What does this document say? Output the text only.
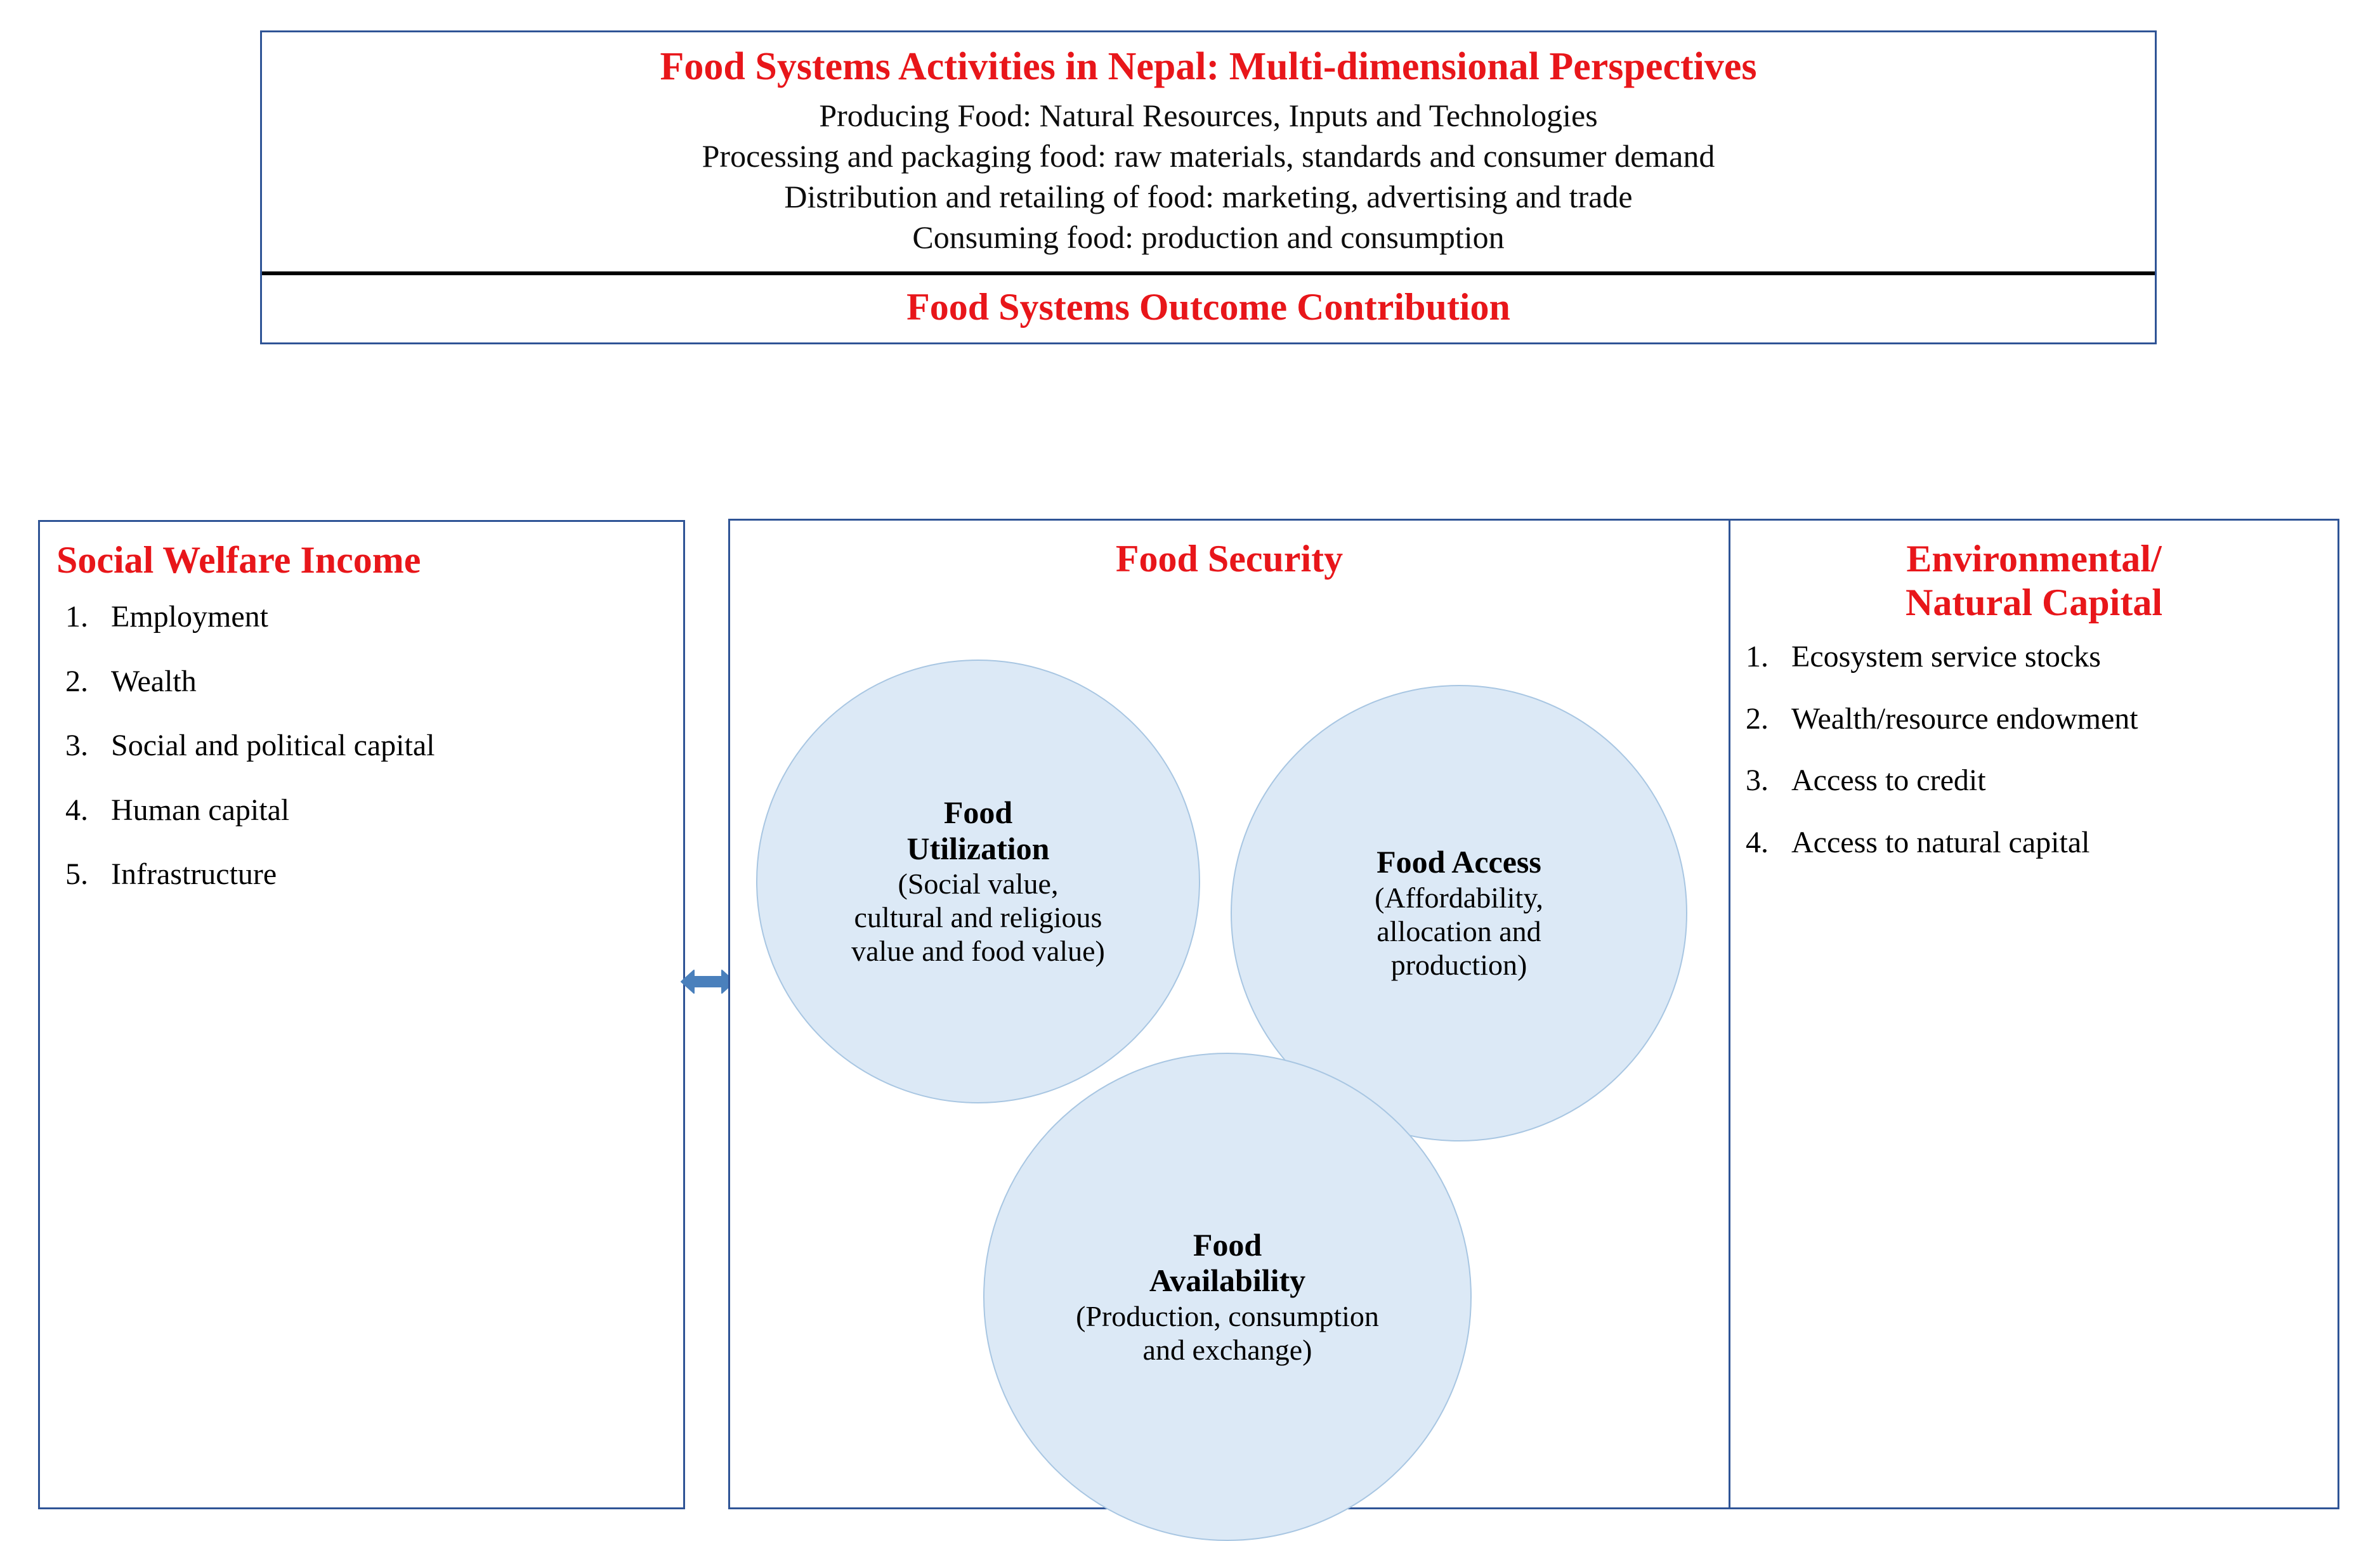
Food Systems Activities in Nepal: Multi-dimensional Perspectives
Producing Food: Natural Resources, Inputs and Technologies
Processing and packaging food: raw materials, standards and consumer demand
Distribution and retailing of food: marketing, advertising and trade
Consuming food: production and consumption
Food Systems Outcome Contribution
Social Welfare Income
1. Employment
2. Wealth
3. Social and political capital
4. Human capital
5. Infrastructure
Food Security
Food
Utilization
(Social value, cultural and religious value and food value)
Food Access
(Affordability, allocation and production)
Food
Availability
(Production, consumption and exchange)
Environmental/
Natural Capital
1. Ecosystem service stocks
2. Wealth/resource endowment
3. Access to credit
4. Access to natural capital
